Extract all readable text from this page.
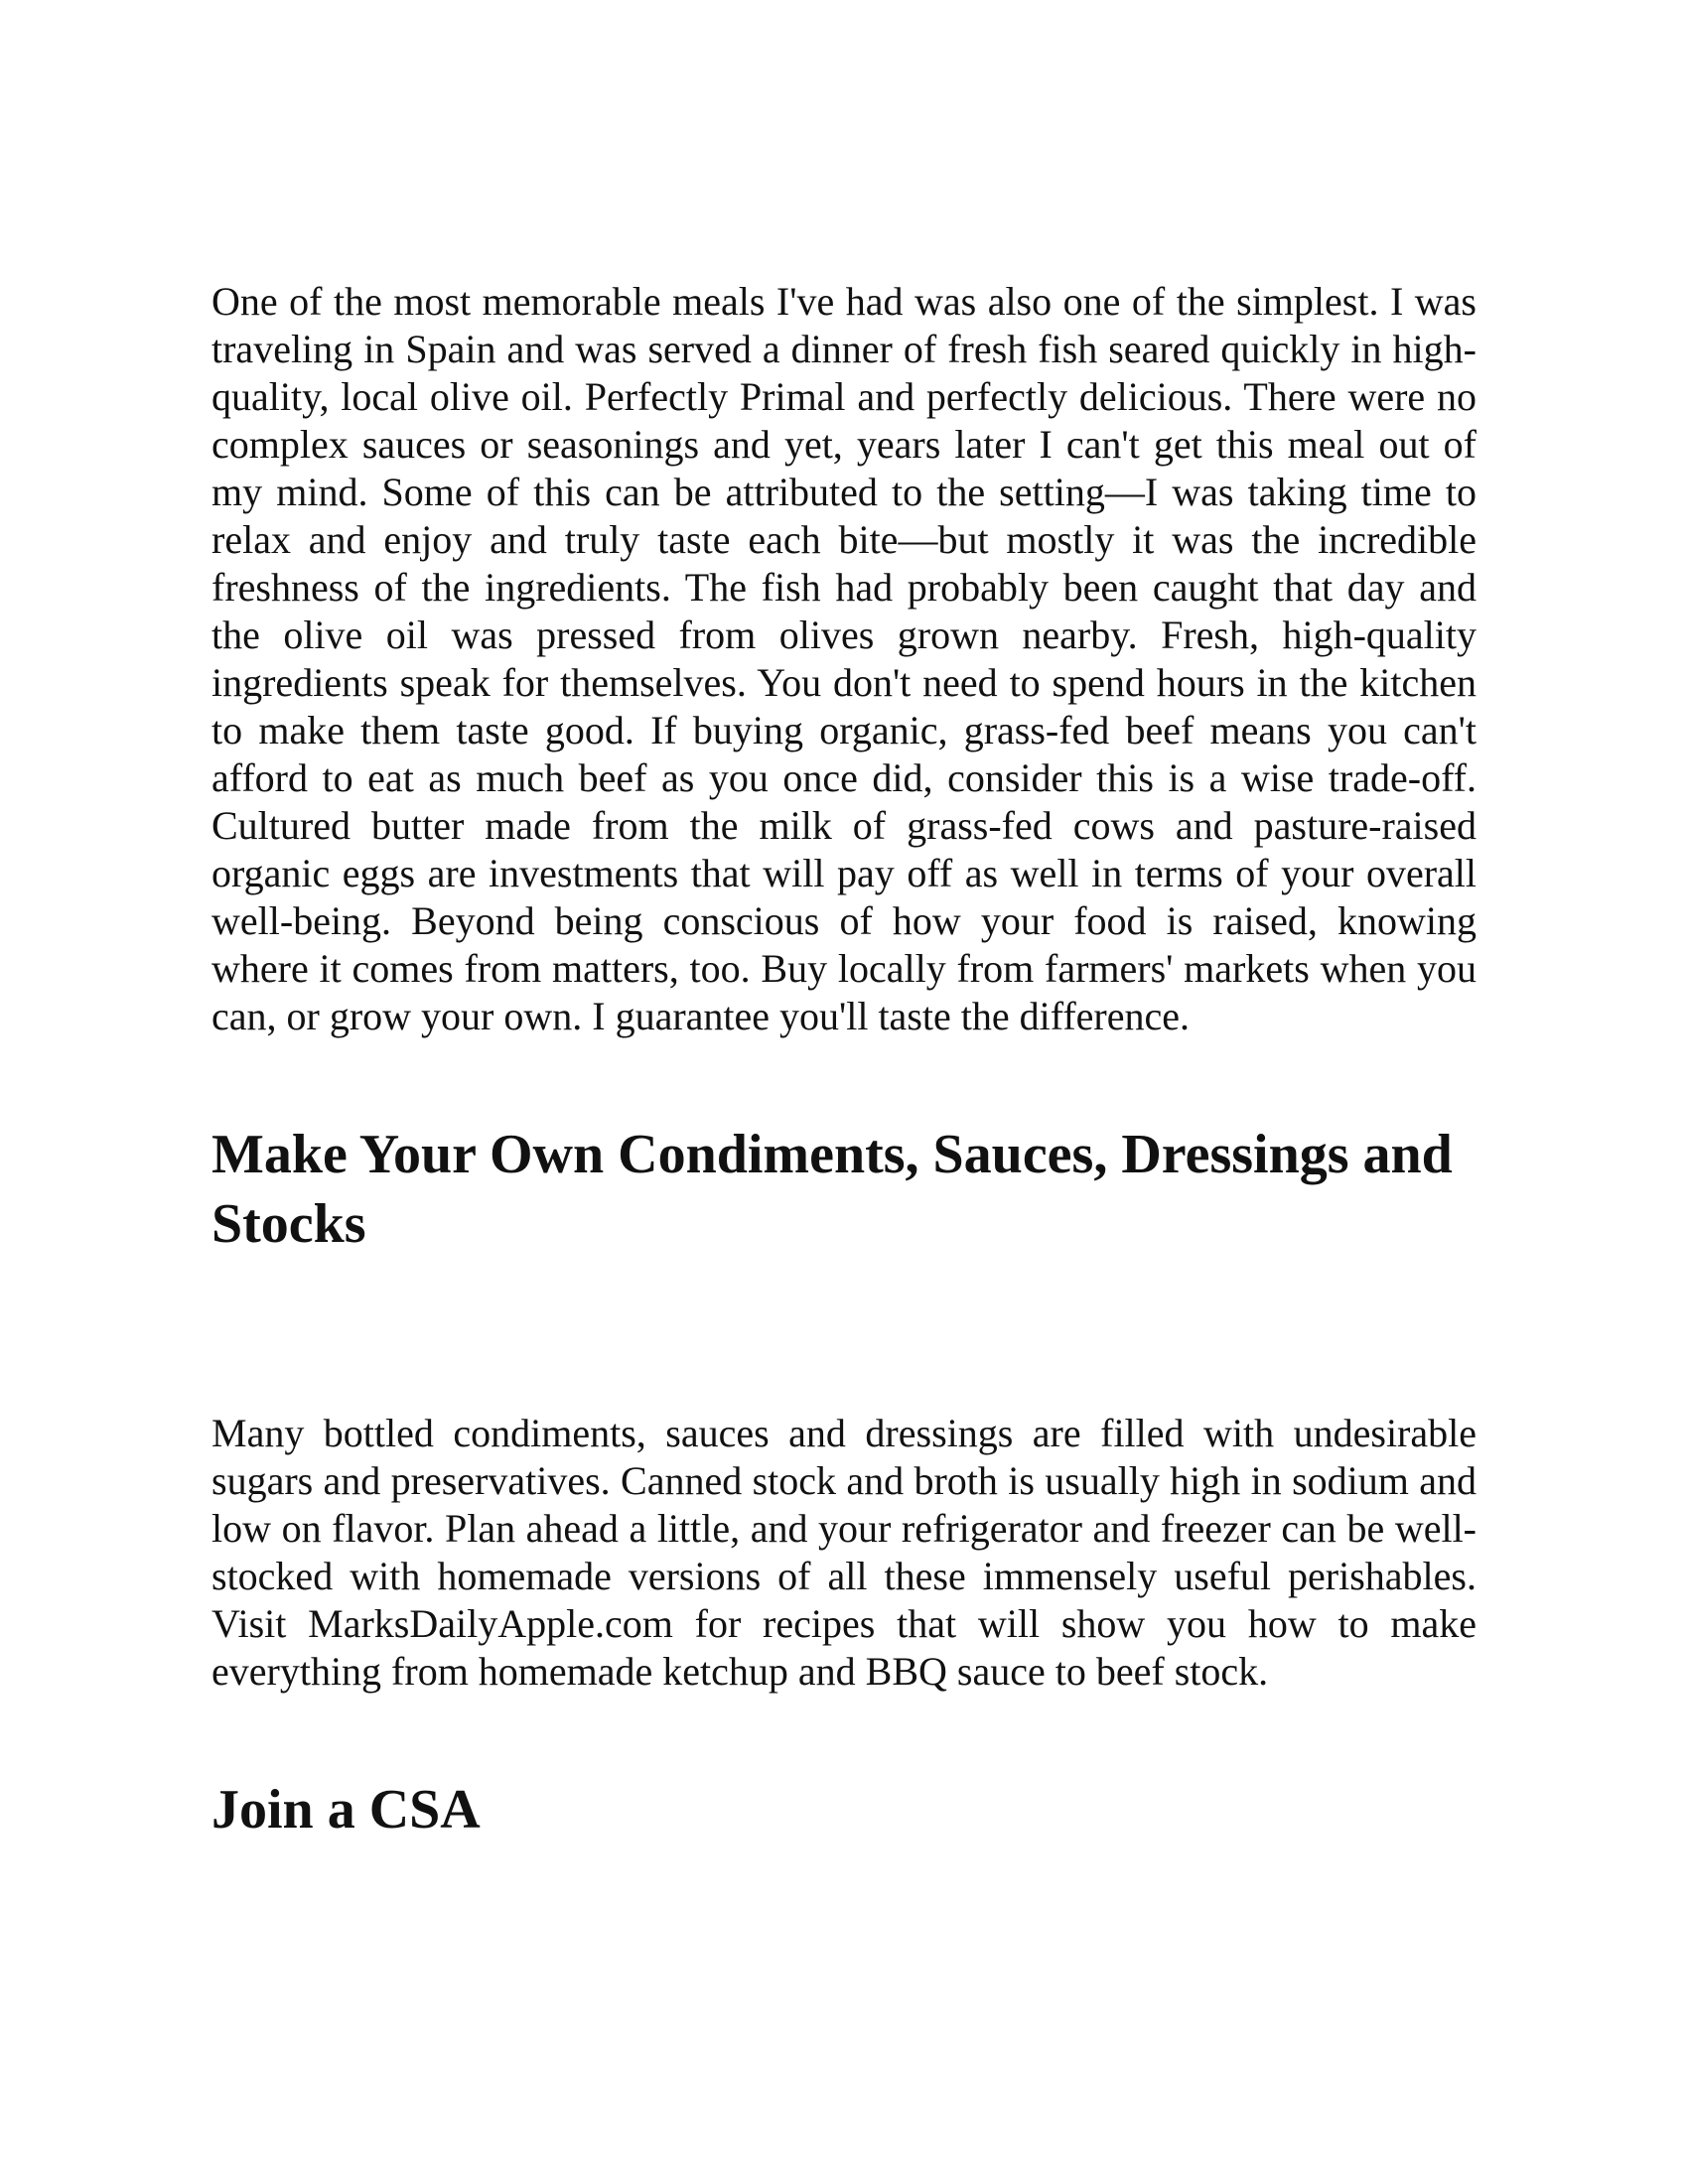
One of the most memorable meals I've had was also one of the simplest. I was traveling in Spain and was served a dinner of fresh fish seared quickly in high-quality, local olive oil. Perfectly Primal and perfectly delicious. There were no complex sauces or seasonings and yet, years later I can't get this meal out of my mind. Some of this can be attributed to the setting—I was taking time to relax and enjoy and truly taste each bite—but mostly it was the incredible freshness of the ingredients. The fish had probably been caught that day and the olive oil was pressed from olives grown nearby. Fresh, high-quality ingredients speak for themselves. You don't need to spend hours in the kitchen to make them taste good. If buying organic, grass-fed beef means you can't afford to eat as much beef as you once did, consider this is a wise trade-off. Cultured butter made from the milk of grass-fed cows and pasture-raised organic eggs are investments that will pay off as well in terms of your overall well-being. Beyond being conscious of how your food is raised, knowing where it comes from matters, too. Buy locally from farmers' markets when you can, or grow your own. I guarantee you'll taste the difference.

Make Your Own Condiments, Sauces, Dressings and Stocks

Many bottled condiments, sauces and dressings are filled with undesirable sugars and preservatives. Canned stock and broth is usually high in sodium and low on flavor. Plan ahead a little, and your refrigerator and freezer can be well-stocked with homemade versions of all these immensely useful perishables. Visit MarksDailyApple.com for recipes that will show you how to make everything from homemade ketchup and BBQ sauce to beef stock.

Join a CSA
